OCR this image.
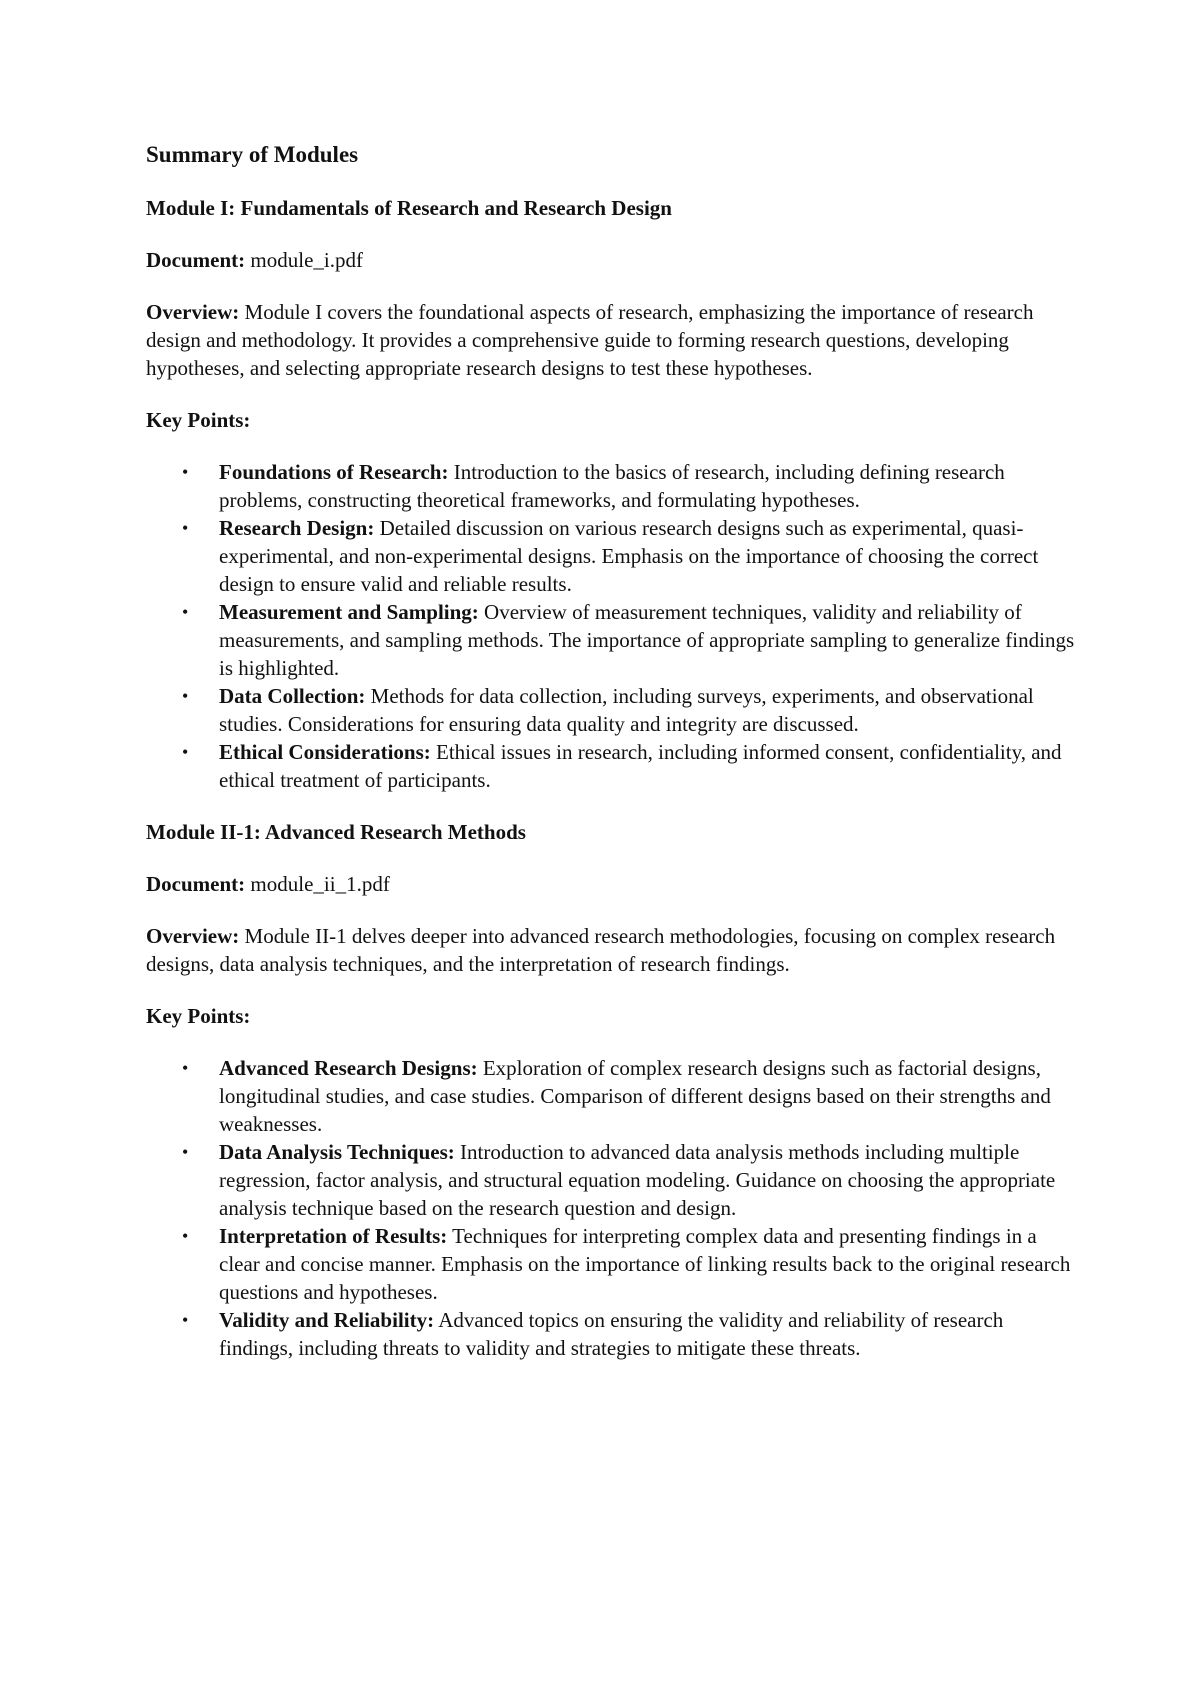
Summary of Modules
Module I: Fundamentals of Research and Research Design
Document: module_i.pdf
Overview: Module I covers the foundational aspects of research, emphasizing the importance of research design and methodology. It provides a comprehensive guide to forming research questions, developing hypotheses, and selecting appropriate research designs to test these hypotheses.
Key Points:
• Foundations of Research: Introduction to the basics of research, including defining research problems, constructing theoretical frameworks, and formulating hypotheses.
• Research Design: Detailed discussion on various research designs such as experimental, quasi-experimental, and non-experimental designs. Emphasis on the importance of choosing the correct design to ensure valid and reliable results.
• Measurement and Sampling: Overview of measurement techniques, validity and reliability of measurements, and sampling methods. The importance of appropriate sampling to generalize findings is highlighted.
• Data Collection: Methods for data collection, including surveys, experiments, and observational studies. Considerations for ensuring data quality and integrity are discussed.
• Ethical Considerations: Ethical issues in research, including informed consent, confidentiality, and ethical treatment of participants.
Module II-1: Advanced Research Methods
Document: module_ii_1.pdf
Overview: Module II-1 delves deeper into advanced research methodologies, focusing on complex research designs, data analysis techniques, and the interpretation of research findings.
Key Points:
• Advanced Research Designs: Exploration of complex research designs such as factorial designs, longitudinal studies, and case studies. Comparison of different designs based on their strengths and weaknesses.
• Data Analysis Techniques: Introduction to advanced data analysis methods including multiple regression, factor analysis, and structural equation modeling. Guidance on choosing the appropriate analysis technique based on the research question and design.
• Interpretation of Results: Techniques for interpreting complex data and presenting findings in a clear and concise manner. Emphasis on the importance of linking results back to the original research questions and hypotheses.
• Validity and Reliability: Advanced topics on ensuring the validity and reliability of research findings, including threats to validity and strategies to mitigate these threats.
